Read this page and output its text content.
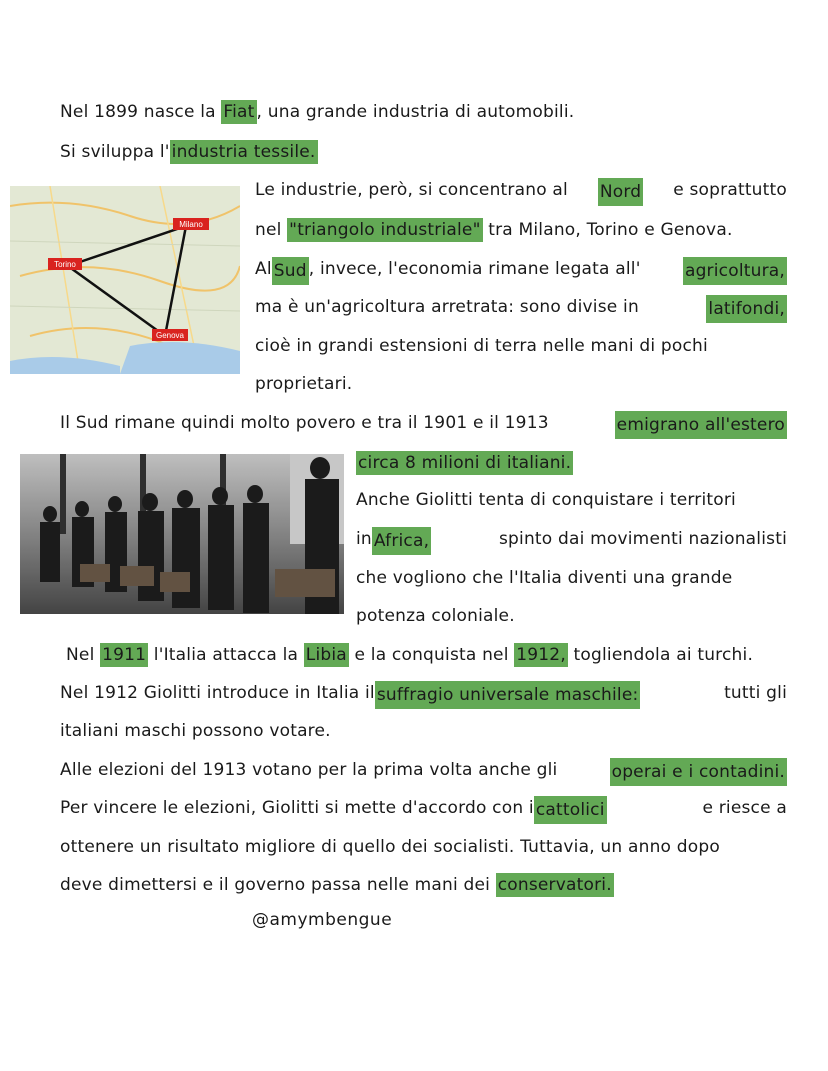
Nel 1899 nasce la Fiat , una grande industria di automobili.
Si sviluppa l' industria tessile.
Torino
Milano
Genova
Le industrie, però, si concentrano al Nord e soprattutto
nel "triangolo industriale" tra Milano, Torino e Genova.
Al Sud , invece, l'economia rimane legata all'	agricoltura,
ma è un'agricoltura arretrata: sono divise in	latifondi,
cioè in grandi estensioni di terra nelle mani di pochi
proprietari.
Il Sud rimane quindi molto povero e tra il 1901 e il 1913	emigrano all'estero
circa 8 milioni di italiani.
Anche Giolitti tenta di conquistare i territori
in Africa,	spinto dai movimenti nazionalisti
che vogliono che l'Italia diventi una grande
potenza coloniale.
Nel 1911 l'Italia attacca la Libia e la conquista nel 1912, togliendola ai turchi.
Nel 1912 Giolitti introduce in Italia il suffragio universale maschile:	tutti gli
italiani maschi possono votare.
Alle elezioni del 1913 votano per la prima volta anche gli	operai e i contadini.
Per vincere le elezioni, Giolitti si mette d'accordo con i cattolici	e riesce a
ottenere un risultato migliore di quello dei socialisti. Tuttavia, un anno dopo
deve dimettersi e il governo passa nelle mani dei conservatori.
@amymbengue
